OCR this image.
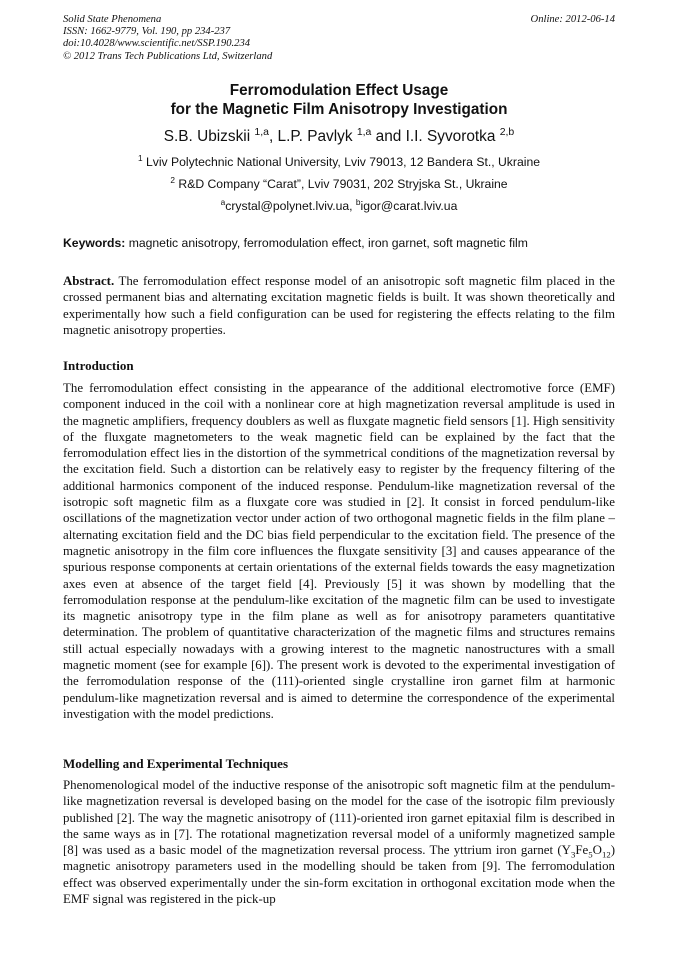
Solid State Phenomena
ISSN: 1662-9779, Vol. 190, pp 234-237
doi:10.4028/www.scientific.net/SSP.190.234
© 2012 Trans Tech Publications Ltd, Switzerland
Online: 2012-06-14
Ferromodulation Effect Usage
for the Magnetic Film Anisotropy Investigation
S.B. Ubizskii $^{1,a}$, L.P. Pavlyk $^{1,a}$ and I.I. Syvorotka $^{2,b}$
$^1$ Lviv Polytechnic National University, Lviv 79013, 12 Bandera St., Ukraine
$^2$ R&D Company “Carat”, Lviv 79031, 202 Stryjska St., Ukraine
$^a$crystal@polynet.lviv.ua, $^b$igor@carat.lviv.ua
Keywords: magnetic anisotropy, ferromodulation effect, iron garnet, soft magnetic film
Abstract. The ferromodulation effect response model of an anisotropic soft magnetic film placed in the crossed permanent bias and alternating excitation magnetic fields is built. It was shown theoretically and experimentally how such a field configuration can be used for registering the effects relating to the film magnetic anisotropy properties.
Introduction
The ferromodulation effect consisting in the appearance of the additional electromotive force (EMF) component induced in the coil with a nonlinear core at high magnetization reversal amplitude is used in the magnetic amplifiers, frequency doublers as well as fluxgate magnetic field sensors [1]. High sensitivity of the fluxgate magnetometers to the weak magnetic field can be explained by the fact that the ferromodulation effect lies in the distortion of the symmetrical conditions of the magnetization reversal by the excitation field. Such a distortion can be relatively easy to register by the frequency filtering of the additional harmonics component of the induced response. Pendulum-like magnetization reversal of the isotropic soft magnetic film as a fluxgate core was studied in [2]. It consist in forced pendulum-like oscillations of the magnetization vector under action of two orthogonal magnetic fields in the film plane – alternating excitation field and the DC bias field perpendicular to the excitation field. The presence of the magnetic anisotropy in the film core influences the fluxgate sensitivity [3] and causes appearance of the spurious response components at certain orientations of the external fields towards the easy magnetization axes even at absence of the target field [4]. Previously [5] it was shown by modelling that the ferromodulation response at the pendulum-like excitation of the magnetic film can be used to investigate its magnetic anisotropy type in the film plane as well as for anisotropy parameters quantitative determination. The problem of quantitative characterization of the magnetic films and structures remains still actual especially nowadays with a growing interest to the magnetic nanostructures with a small magnetic moment (see for example [6]). The present work is devoted to the experimental investigation of the ferromodulation response of the (111)-oriented single crystalline iron garnet film at harmonic pendulum-like magnetization reversal and is aimed to determine the correspondence of the experimental investigation with the model predictions.
Modelling and Experimental Techniques
Phenomenological model of the inductive response of the anisotropic soft magnetic film at the pendulum-like magnetization reversal is developed basing on the model for the case of the isotropic film previously published [2]. The way the magnetic anisotropy of (111)-oriented iron garnet epitaxial film is described in the same ways as in [7]. The rotational magnetization reversal model of a uniformly magnetized sample [8] was used as a basic model of the magnetization reversal process. The yttrium iron garnet $(Y_3Fe_5O_{12})$ magnetic anisotropy parameters used in the modelling should be taken from [9]. The ferromodulation effect was observed experimentally under the sin-form excitation in orthogonal excitation mode when the EMF signal was registered in the pick-up
